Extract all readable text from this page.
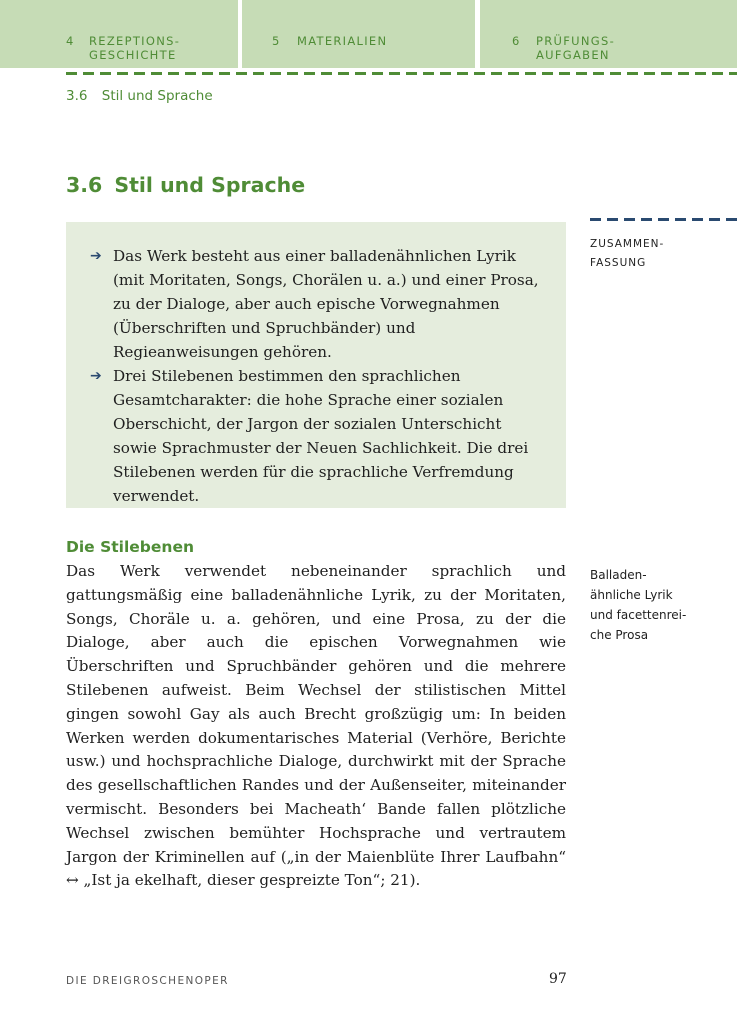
4 REZEPTIONS-
GESCHICHTE
5 MATERIALIEN	6 PRÜFUNGS-
AUFGABEN
3.6 Stil und Sprache
3.6 Stil und Sprache
ZUSAMMEN-
FASSUNG
➔ Das Werk besteht aus einer balladenähnlichen Lyrik (mit Moritaten, Songs, Chorälen u. a.) und einer Prosa, zu der Dialoge, aber auch epische Vorwegnahmen (Überschriften und Spruchbänder) und Regieanweisungen gehören.
➔ Drei Stilebenen bestimmen den sprachlichen Gesamtcharakter: die hohe Sprache einer sozialen Oberschicht, der Jargon der sozialen Unterschicht sowie Sprachmuster der Neuen Sachlichkeit. Die drei Stilebenen werden für die sprachliche Verfremdung verwendet.
Die Stilebenen

Das Werk verwendet nebeneinander sprachlich und gattungsmäßig eine balladenähnliche Lyrik, zu der Moritaten, Songs, Choräle u. a. gehören, und eine Prosa, zu der die Dialoge, aber auch die epischen Vorwegnahmen wie Überschriften und Spruchbänder gehören und die mehrere Stilebenen aufweist. Beim Wechsel der stilistischen Mittel gingen sowohl Gay als auch Brecht großzügig um: In beiden Werken werden dokumentarisches Material (Verhöre, Berichte usw.) und hochsprachliche Dialoge, durchwirkt mit der Sprache des gesellschaftlichen Randes und der Außenseiter, miteinander vermischt. Besonders bei Macheath‘ Bande fallen plötzliche Wechsel zwischen bemühter Hochsprache und vertrautem Jargon der Kriminellen auf („in der Maienblüte Ihrer Laufbahn“ ↔ „Ist ja ekelhaft, dieser gespreizte Ton“; 21).

Balladen-
ähnliche Lyrik
und facettenrei-
che Prosa
DIE DREIGROSCHENOPER	97
